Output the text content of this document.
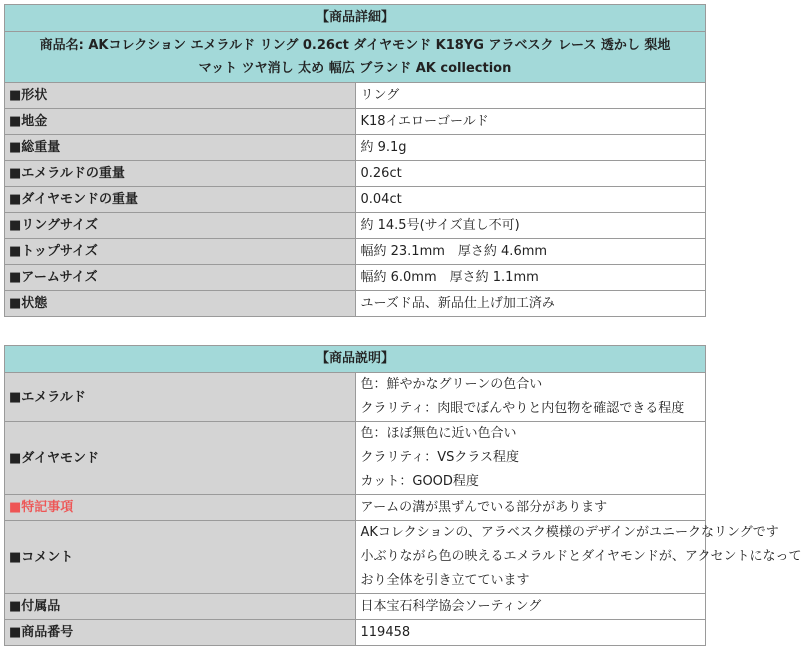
【商品詳細】	
商品名: AKコレクション エメラルド リング 0.26ct ダイヤモンド K18YG アラベスク レース 透かし 梨地
マット ツヤ消し 太め 幅広 ブランド AK collection	
■形状	リング
■地金	K18イエローゴールド
■総重量	約 9.1g
■エメラルドの重量	0.26ct
■ダイヤモンドの重量	0.04ct
■リングサイズ	約 14.5号(サイズ直し不可)
■トップサイズ	幅約 23.1mm　厚さ約 4.6mm
■アームサイズ	幅約 6.0mm　厚さ約 1.1mm
■状態	ユーズド品、新品仕上げ加工済み
【商品説明】	
■エメラルド	色：鮮やかなグリーンの色合い
クラリティ：肉眼でぼんやりと内包物を確認できる程度

■ダイヤモンド	色：ほぼ無色に近い色合い
クラリティ：VSクラス程度
カット：GOOD程度

■特記事項	アームの溝が黒ずんでいる部分があります
■コメント	AKコレクションの、アラベスク模様のデザインがユニークなリングです
小ぶりながら色の映えるエメラルドとダイヤモンドが、アクセントになって
おり全体を引き立てています

■付属品	日本宝石科学協会ソーティング
■商品番号	119458
